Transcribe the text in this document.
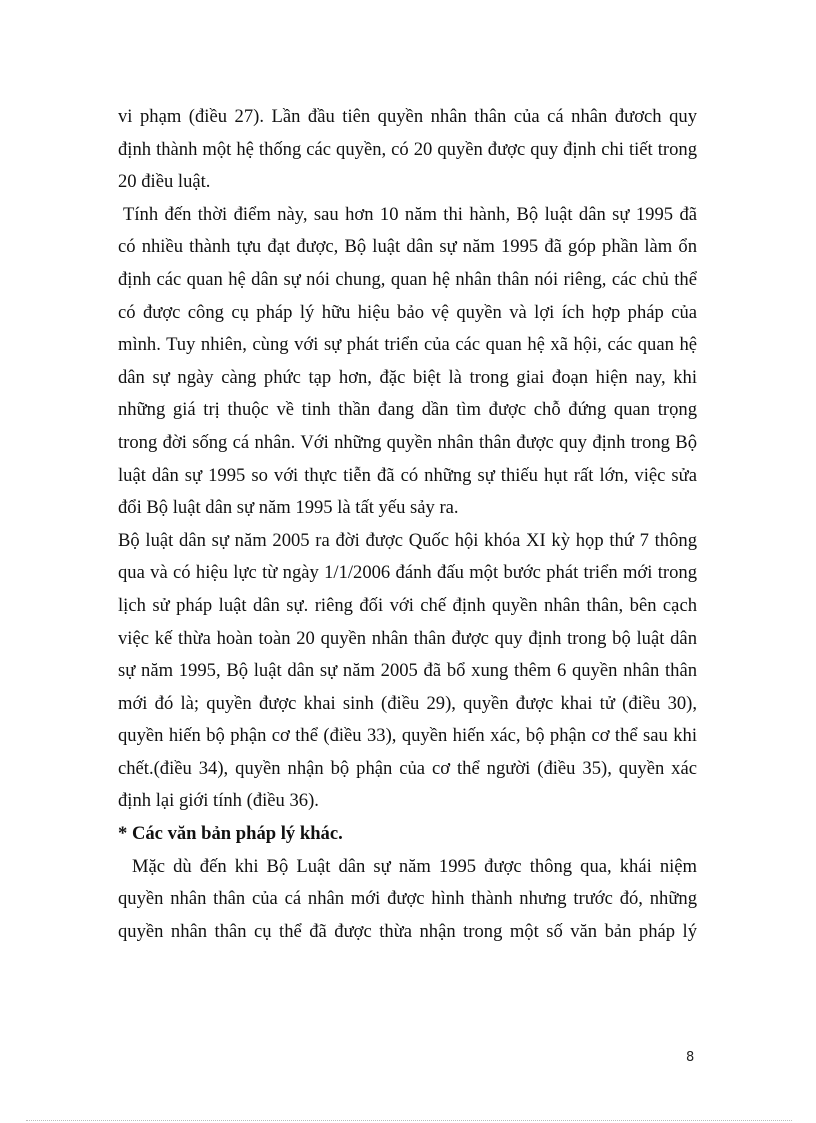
vi phạm (điều 27). Lần đầu tiên quyền nhân thân của cá nhân đươch quy
định thành một hệ thống các quyền, có 20 quyền được quy định chi tiết trong
20 điều luật.
Tính đến thời điểm này, sau hơn 10 năm thi hành, Bộ luật dân sự 1995 đã
có nhiều thành tựu đạt được, Bộ luật dân sự năm 1995 đã góp phần làm ổn
định các quan hệ dân sự nói chung, quan hệ nhân thân nói riêng, các chủ thể
có được công cụ pháp lý hữu hiệu bảo vệ quyền và lợi ích hợp pháp của
mình. Tuy nhiên, cùng với sự phát triển của các quan hệ xã hội, các quan hệ
dân sự ngày càng phức tạp hơn, đặc biệt là trong giai đoạn hiện nay, khi
những giá trị thuộc về tinh thần đang dần tìm được chỗ đứng quan trọng
trong đời sống cá nhân. Với những quyền nhân thân được quy định trong Bộ
luật dân sự 1995 so với thực tiễn đã có những sự thiếu hụt rất lớn, việc sửa
đổi Bộ luật dân sự năm 1995 là tất yếu sảy ra.
Bộ luật dân sự năm 2005 ra đời được Quốc hội khóa XI kỳ họp thứ 7 thông
qua và có hiệu lực từ ngày 1/1/2006 đánh đấu một bước phát triển mới trong
lịch sử pháp luật dân sự. riêng đối với chế định quyền nhân thân, bên cạch
việc kế thừa hoàn toàn 20 quyền nhân thân được quy định trong bộ luật dân
sự năm 1995, Bộ luật dân sự năm 2005 đã bổ xung thêm 6 quyền nhân thân
mới đó là; quyền được khai sinh (điều 29), quyền được khai tử (điều 30),
quyền hiến bộ phận cơ thể (điều 33), quyền hiến xác, bộ phận cơ thể sau khi
chết.(điều 34), quyền nhận bộ phận của cơ thể người (điều 35), quyền xác
định lại giới tính (điều 36).
* Các văn bản pháp lý khác.
Mặc dù đến khi Bộ Luật dân sự năm 1995 được thông qua, khái niệm
quyền nhân thân của cá nhân mới được hình thành nhưng trước đó, những
quyền nhân thân cụ thể đã được thừa nhận trong một số văn bản pháp lý
8
